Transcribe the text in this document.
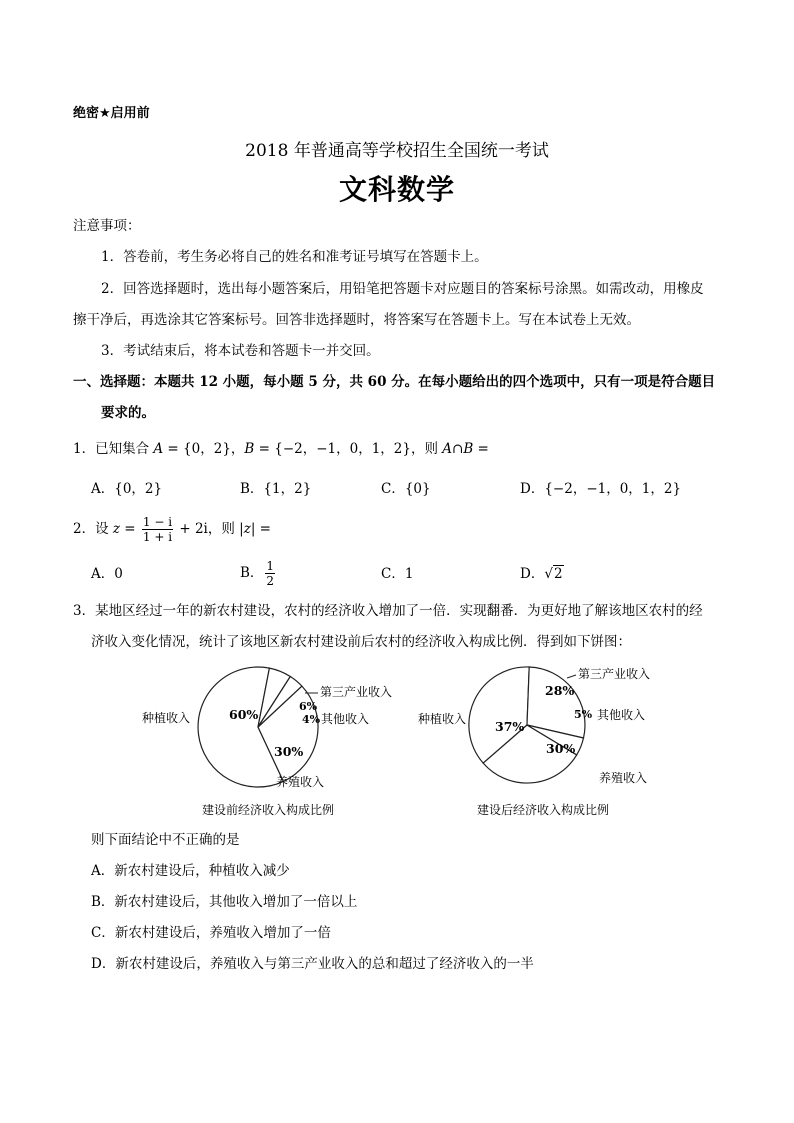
绝密★启用前
2018 年普通高等学校招生全国统一考试
文科数学
注意事项：
1．答卷前，考生务必将自己的姓名和准考证号填写在答题卡上。
2．回答选择题时，选出每小题答案后，用铅笔把答题卡对应题目的答案标号涂黑。如需改动，用橡皮
擦干净后，再选涂其它答案标号。回答非选择题时，将答案写在答题卡上。写在本试卷上无效。
3．考试结束后，将本试卷和答题卡一并交回。
一、选择题：本题共 12 小题，每小题 5 分，共 60 分。在每小题给出的四个选项中，只有一项是符合题目
要求的。
1．已知集合 A = {0，2}，B = {−2，−1，0，1，2}，则 A∩B =
A．{0，2}	B．{1，2}	C．{0}	D．{−2，−1，0，1，2}
2．设 $z = \frac{1 - i}{1 + i} + 2i$，则 |z| =
A．0	B． $\frac{1}{2}$	C．1	D．√2
3．某地区经过一年的新农村建设，农村的经济收入增加了一倍．实现翻番．为更好地了解该地区农村的经
济收入变化情况，统计了该地区新农村建设前后农村的经济收入构成比例．得到如下饼图：
60%
30%
6%
4%
种植收入
养殖收入
第三产业收入
其他收入
建设前经济收入构成比例
37%
30%
28%
5%
种植收入
养殖收入
第三产业收入
其他收入
建设后经济收入构成比例
则下面结论中不正确的是
A．新农村建设后，种植收入减少
B．新农村建设后，其他收入增加了一倍以上
C．新农村建设后，养殖收入增加了一倍
D．新农村建设后，养殖收入与第三产业收入的总和超过了经济收入的一半
